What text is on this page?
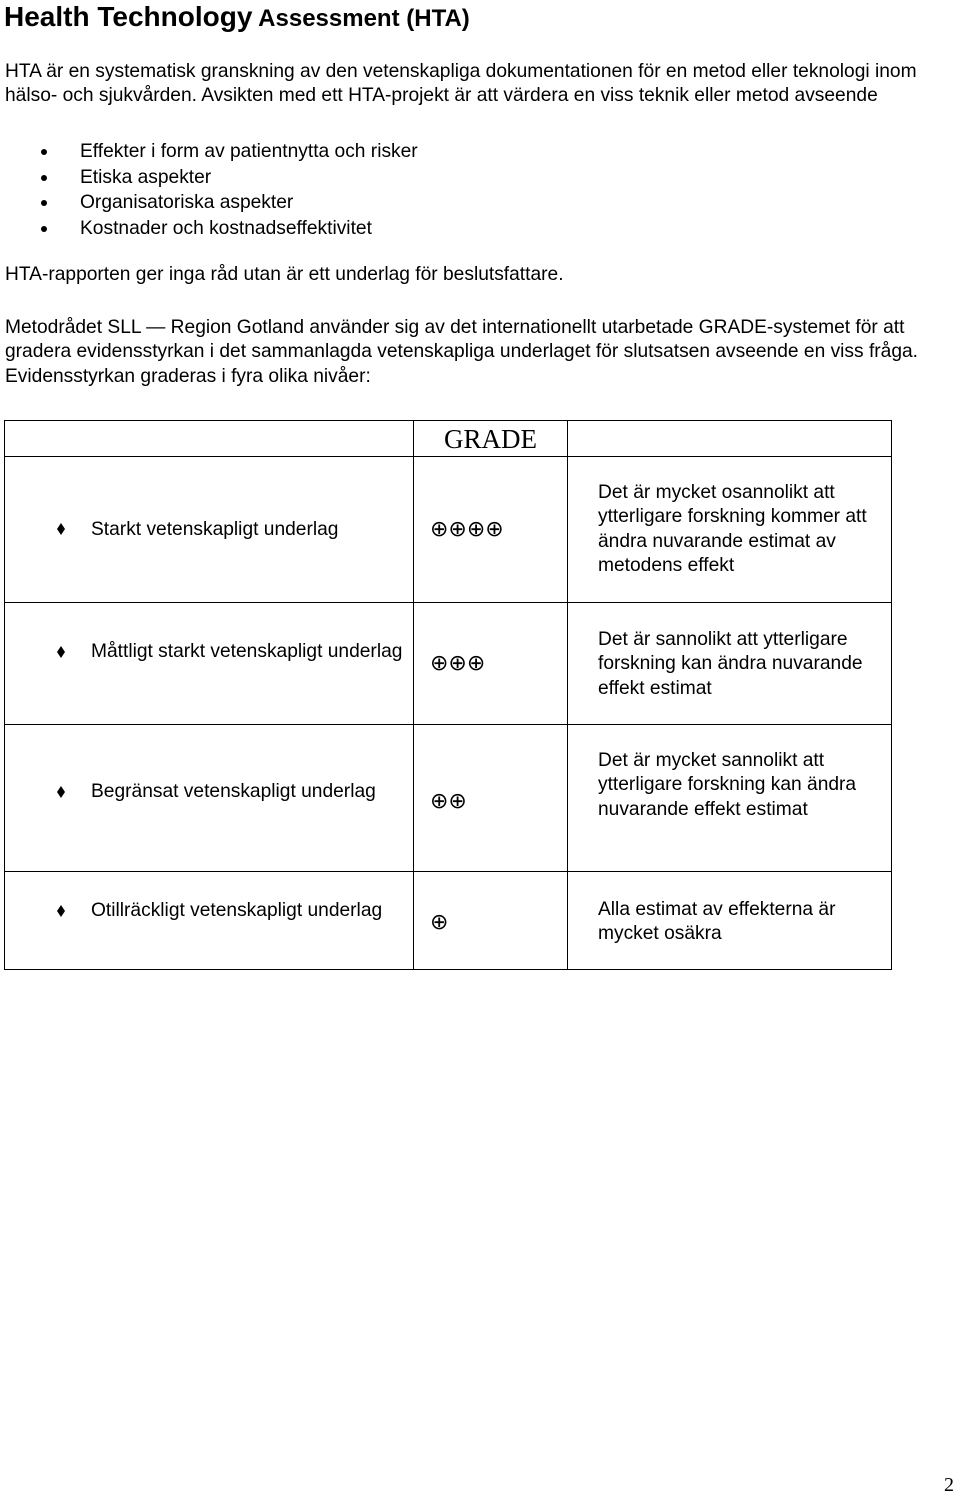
Health Technology Assessment (HTA)

HTA är en systematisk granskning av den vetenskapliga dokumentationen för en metod eller teknologi inom hälso- och sjukvården. Avsikten med ett HTA-projekt är att värdera en viss teknik eller metod avseende

Effekter i form av patientnytta och risker
Etiska aspekter
Organisatoriska aspekter
Kostnader och kostnadseffektivitet

HTA-rapporten ger inga råd utan är ett underlag för beslutsfattare.

Metodrådet SLL — Region Gotland använder sig av det internationellt utarbetade GRADE-systemet för att gradera evidensstyrkan i det sammanlagda vetenskapliga underlaget för slutsatsen avseende en viss fråga. Evidensstyrkan graderas i fyra olika nivåer:

GRADE
Starkt vetenskapligt underlag	⊕⊕⊕⊕
Det är mycket osannolikt att ytterligare forskning kommer att ändra nuvarande estimat av metodens effekt
Måttligt starkt vetenskapligt underlag ⊕⊕⊕
Det är sannolikt att ytterligare forskning kan ändra nuvarande effekt estimat
Begränsat vetenskapligt underlag ⊕⊕
Det är mycket sannolikt att ytterligare forskning kan ändra nuvarande effekt estimat
Otillräckligt vetenskapligt underlag ⊕
Alla estimat av effekterna är mycket osäkra
2
